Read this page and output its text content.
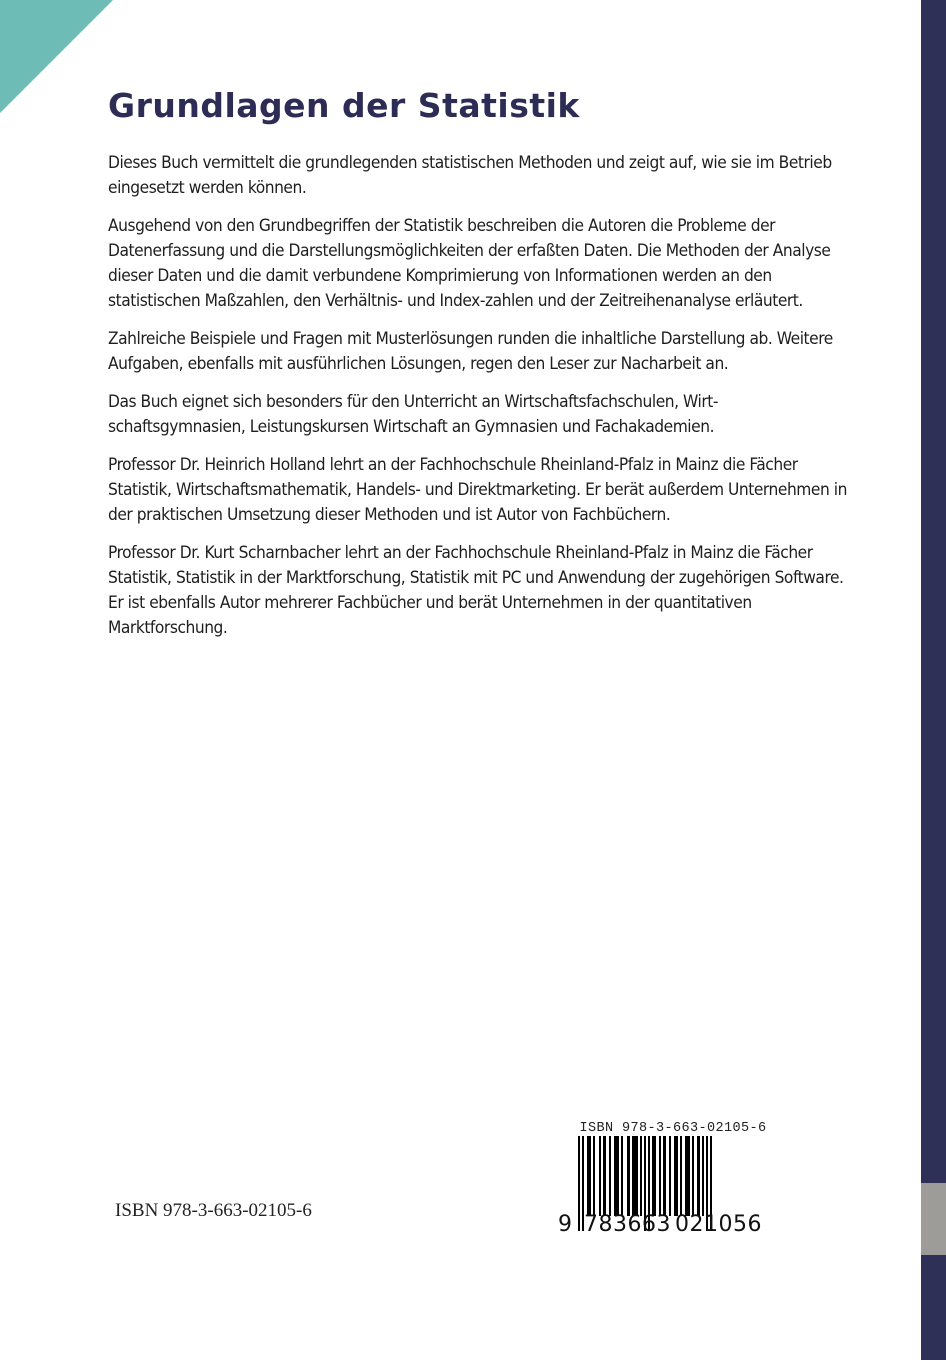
Grundlagen der Statistik

Dieses Buch vermittelt die grundlegenden statistischen Methoden und zeigt auf, wie sie im Betrieb eingesetzt werden können.

Ausgehend von den Grundbegriffen der Statistik beschreiben die Autoren die Probleme der Datenerfassung und die Darstellungsmöglichkeiten der erfaßten Daten. Die Methoden der Analyse dieser Daten und die damit verbundene Komprimierung von Informationen werden an den statistischen Maßzahlen, den Verhältnis- und Index-zahlen und der Zeitreihenanalyse erläutert.

Zahlreiche Beispiele und Fragen mit Musterlösungen runden die inhaltliche Darstellung ab. Weitere Aufgaben, ebenfalls mit ausführlichen Lösungen, regen den Leser zur Nacharbeit an.

Das Buch eignet sich besonders für den Unterricht an Wirtschaftsfachschulen, Wirt-schaftsgymnasien, Leistungskursen Wirtschaft an Gymnasien und Fachakademien.

Professor Dr. Heinrich Holland lehrt an der Fachhochschule Rheinland-Pfalz in Mainz die Fächer Statistik, Wirtschaftsmathematik, Handels- und Direktmarketing. Er berät außerdem Unternehmen in der praktischen Umsetzung dieser Methoden und ist Autor von Fachbüchern.

Professor Dr. Kurt Scharnbacher lehrt an der Fachhochschule Rheinland-Pfalz in Mainz die Fächer Statistik, Statistik in der Marktforschung, Statistik mit PC und Anwendung der zugehörigen Software. Er ist ebenfalls Autor mehrerer Fachbücher und berät Unternehmen in der quantitativen Marktforschung.

ISBN 978-3-663-02105-6
ISBN 978-3-663-02105-6
9 783663 021056
